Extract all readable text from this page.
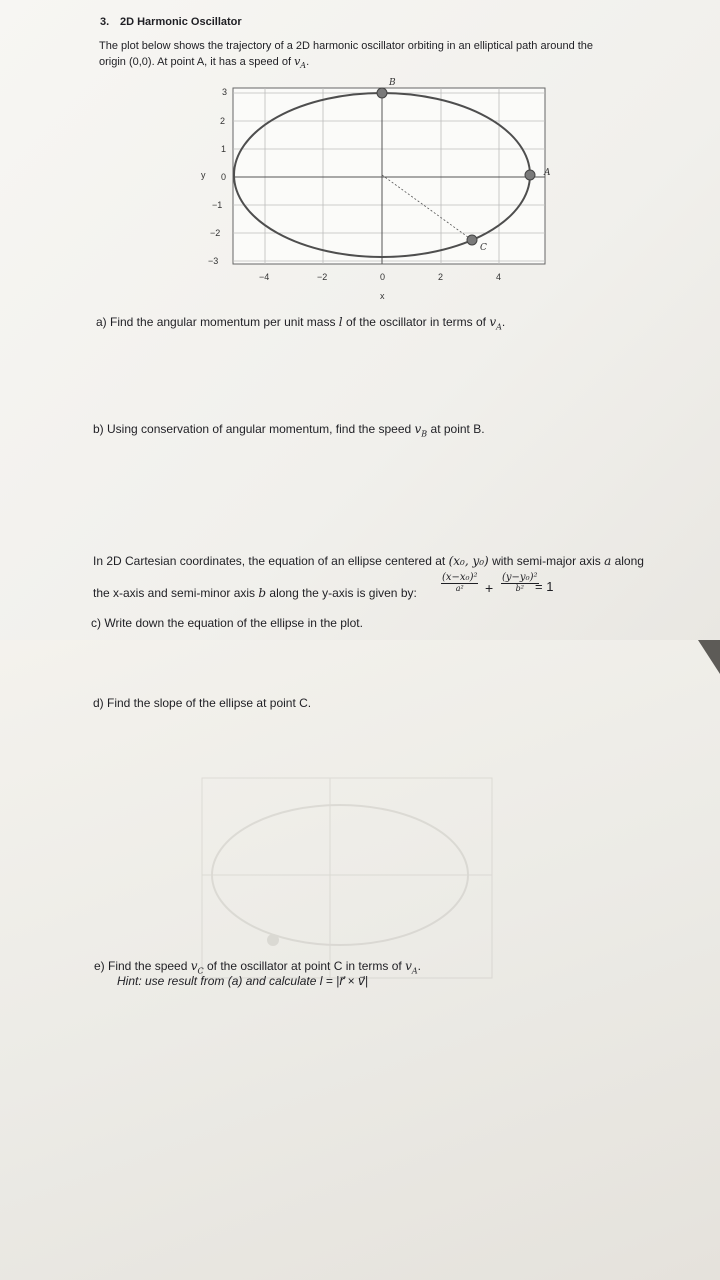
3. 2D Harmonic Oscillator
The plot below shows the trajectory of a 2D harmonic oscillator orbiting in an elliptical path around the
origin (0,0). At point A, it has a speed of $v_A$.
A
B
C
y
x
3
2
1
0
−1
−2
−3
−4	−2	0	2	4
a) Find the angular momentum per unit mass l of the oscillator in terms of $v_A$.
b) Using conservation of angular momentum, find the speed $v_B$ at point B.
In 2D Cartesian coordinates, the equation of an ellipse centered at (x₀, y₀) with semi-major axis a along
the x-axis and semi-minor axis b along the y-axis is given by:
(x−x₀)²
a²	+
(y−y₀)²
b² = 1
c) Write down the equation of the ellipse in the plot.
d) Find the slope of the ellipse at point C.
e) Find the speed $v_C$ of the oscillator at point C in terms of $v_A$.
Hint: use result from (a) and calculate l = |r⃗ × v⃗|
